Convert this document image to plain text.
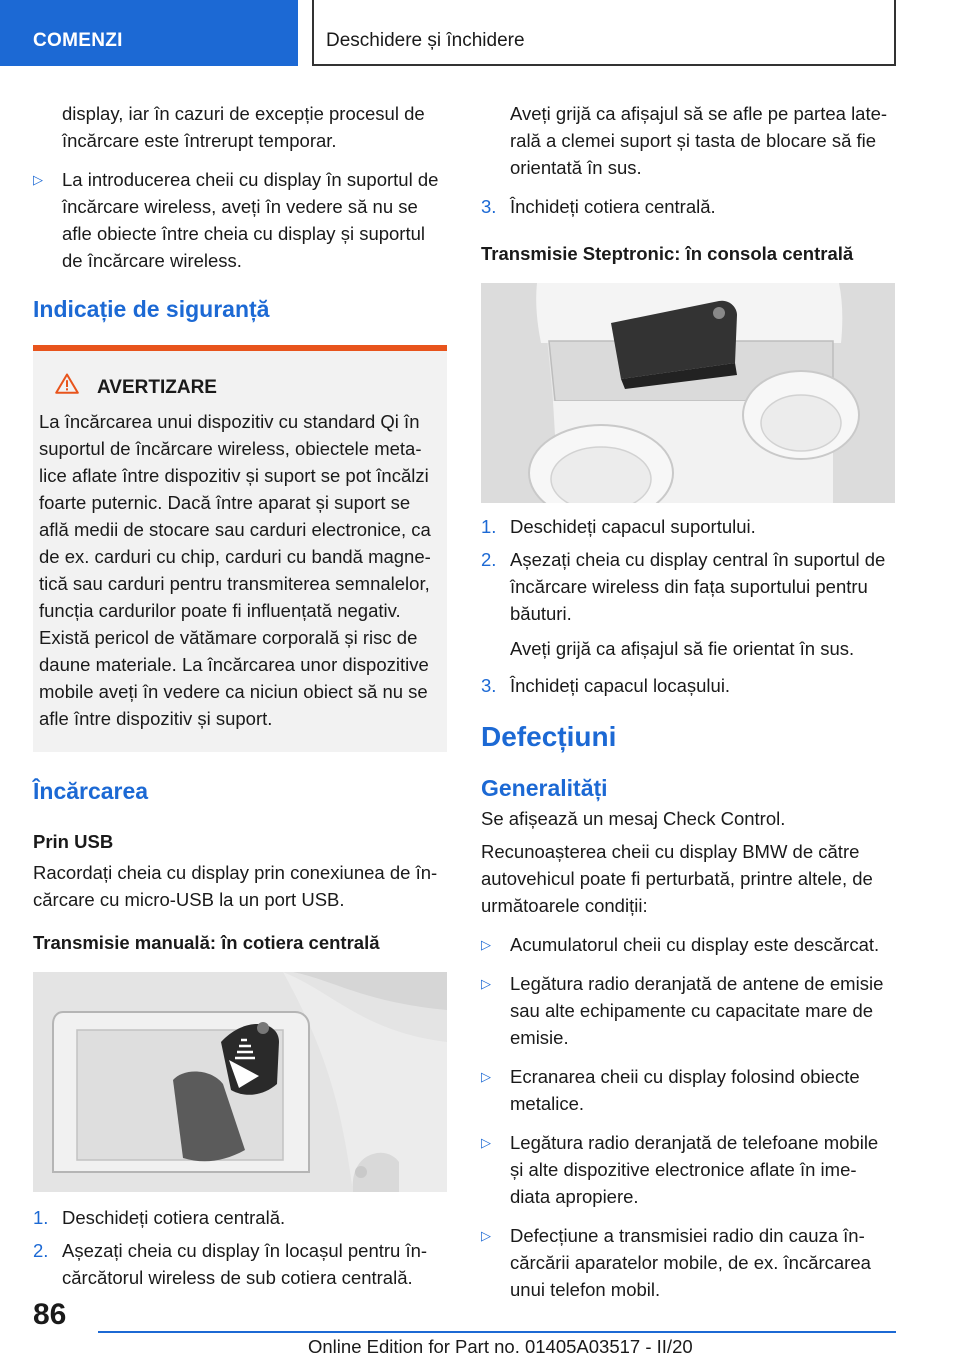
COMENZI	Deschidere și închidere
display, iar în cazuri de excepție procesul de
încărcare este întrerupt temporar.
▷ La introducerea cheii cu display în suportul de încărcare wireless, aveți în vedere să nu se afle obiecte între cheia cu display și suportul de încărcare wireless.
Indicație de siguranță
AVERTIZARE
La încărcarea unui dispozitiv cu standard Qi în suportul de încărcare wireless, obiectele meta-lice aflate între dispozitiv și suport se pot încălzi foarte puternic. Dacă între aparat și suport se află medii de stocare sau carduri electronice, ca de ex. carduri cu chip, carduri cu bandă magne-tică sau carduri pentru transmiterea semnalelor, funcția cardurilor poate fi influențată negativ. Există pericol de vătămare corporală și risc de daune materiale. La încărcarea unor dispozitive mobile aveți în vedere ca niciun obiect să nu se afle între dispozitiv și suport.
Încărcarea
Prin USB
Racordați cheia cu display prin conexiunea de în-cărcare cu micro-USB la un port USB.
Transmisie manuală: în cotiera centrală
1. Deschideți cotiera centrală.
2. Așezați cheia cu display în locașul pentru în-cărcătorul wireless de sub cotiera centrală.
Aveți grijă ca afișajul să se afle pe partea late-rală a clemei suport și tasta de blocare să fie orientată în sus.
3. Închideți cotiera centrală.
Transmisie Steptronic: în consola centrală
1. Deschideți capacul suportului.
2. Așezați cheia cu display central în suportul de încărcare wireless din fața suportului pentru băuturi.
Aveți grijă ca afișajul să fie orientat în sus.
3. Închideți capacul locașului.
Defecțiuni
Generalități
Se afișează un mesaj Check Control.
Recunoașterea cheii cu display BMW de către autovehicul poate fi perturbată, printre altele, de următoarele condiții:
▷ Acumulatorul cheii cu display este descărcat.
▷ Legătura radio deranjată de antene de emisie sau alte echipamente cu capacitate mare de emisie.
▷ Ecranarea cheii cu display folosind obiecte metalice.
▷ Legătura radio deranjată de telefoane mobile și alte dispozitive electronice aflate în ime-diata apropiere.
▷ Defecțiune a transmisiei radio din cauza în-cărcării aparatelor mobile, de ex. încărcarea unui telefon mobil.
86
Online Edition for Part no. 01405A03517 - II/20
